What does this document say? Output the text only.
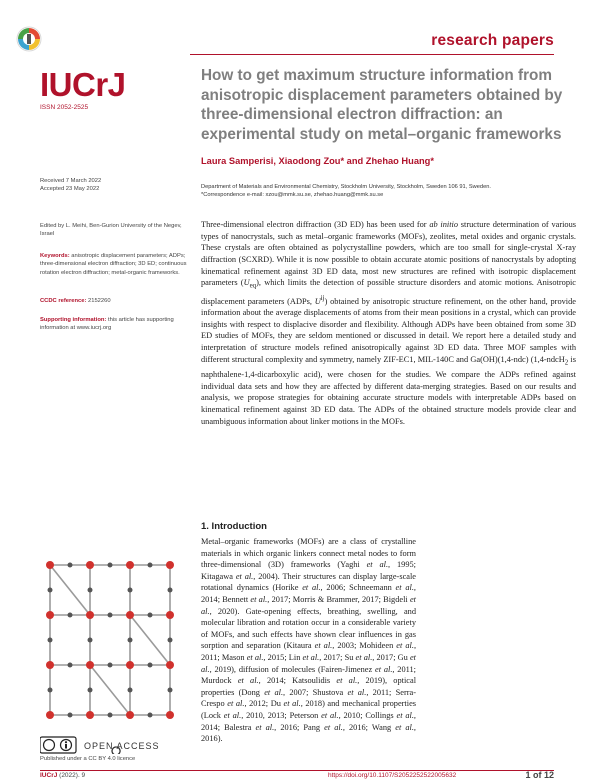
research papers
IUCrJ
ISSN 2052-2525
How to get maximum structure information from anisotropic displacement parameters obtained by three-dimensional electron diffraction: an experimental study on metal–organic frameworks
Laura Samperisi, Xiaodong Zou* and Zhehao Huang*
Received 7 March 2022
Accepted 23 May 2022
Edited by L. Meihi, Ben-Gurion University of the Negev, Israel
Keywords: anisotropic displacement parameters; ADPs; three-dimensional electron diffraction; 3D ED; continuous rotation electron diffraction; metal-organic frameworks.
CCDC reference: 2152260
Supporting information: this article has supporting information at www.iucrj.org
Department of Materials and Environmental Chemistry, Stockholm University, Stockholm, Sweden 106 91, Sweden.
*Correspondence e-mail: xzou@mmk.su.se, zhehao.huang@mmk.su.se

Three-dimensional electron diffraction (3D ED) has been used for ab initio structure determination of various types of nanocrystals, such as metal–organic frameworks (MOFs), zeolites, metal oxides and organic crystals. These crystals are often obtained as polycrystalline powders, which are too small for single-crystal X-ray diffraction (SCXRD). While it is now possible to obtain accurate atomic positions of nanocrystals by adopting kinematical refinement against 3D ED data, most new structures are refined with isotropic displacement parameters $(U_{eq})$, which limits the detection of possible structure disorders and atomic motions. Anisotropic displacement parameters (ADPs, $U^{ij}$) obtained by anisotropic structure refinement, on the other hand, provide information about the average displacements of atoms from their mean positions in a crystal, which can provide insights with respect to displacive disorder and flexibility. Although ADPs have been obtained from some 3D ED studies of MOFs, they are seldom mentioned or discussed in detail. We report here a detailed study and interpretation of structure models refined anisotropically against 3D ED data. Three MOF samples with different structural complexity and symmetry, namely ZIF-EC1, MIL-140C and Ga(OH)(1,4-ndc) (1,4-ndcH$_2$ is naphthalene-1,4-dicarboxylic acid), were chosen for the studies. We compare the ADPs refined against individual data sets and how they are affected by different data-merging strategies. Based on our results and analysis, we propose strategies for obtaining accurate structure models with interpretable ADPs based on kinematical refinement against 3D ED data. The ADPs of the obtained structure models provide clear and unambiguous information about linker motions in the MOFs.

1. Introduction

Metal–organic frameworks (MOFs) are a class of crystalline materials in which organic linkers connect metal nodes to form three-dimensional (3D) frameworks (Yaghi et al., 1995; Kitagawa et al., 2004). Their structures can display large-scale rotational dynamics (Horike et al., 2006; Schneemann et al., 2014; Bennett et al., 2017; Morris & Brammer, 2017; Bigdeli et al., 2020). Gate-opening effects, breathing, swelling, and molecular libration and rotation occur in a considerable variety of MOFs, and such effects have shown clear influences in gas sorption and separation (Kitaura et al., 2003; Mohideen et al., 2011; Mason et al., 2015; Lin et al., 2017; Su et al., 2017; Gu et al., 2019), diffusion of molecules (Fairen-Jimenez et al., 2011; Murdock et al., 2014; Katsoulidis et al., 2019), optical properties (Dong et al., 2007; Shustova et al., 2011; Serra-Crespo et al., 2012; Du et al., 2018) and mechanical properties (Lock et al., 2010, 2013; Peterson et al., 2010; Collings et al., 2014; Balestra et al., 2016; Pang et al., 2016; Wang et al., 2016).

OPEN ACCESS
Published under a CC BY 4.0 licence
IUCrJ (2022). 9	https://doi.org/10.1107/S2052252522005632	1 of 12
